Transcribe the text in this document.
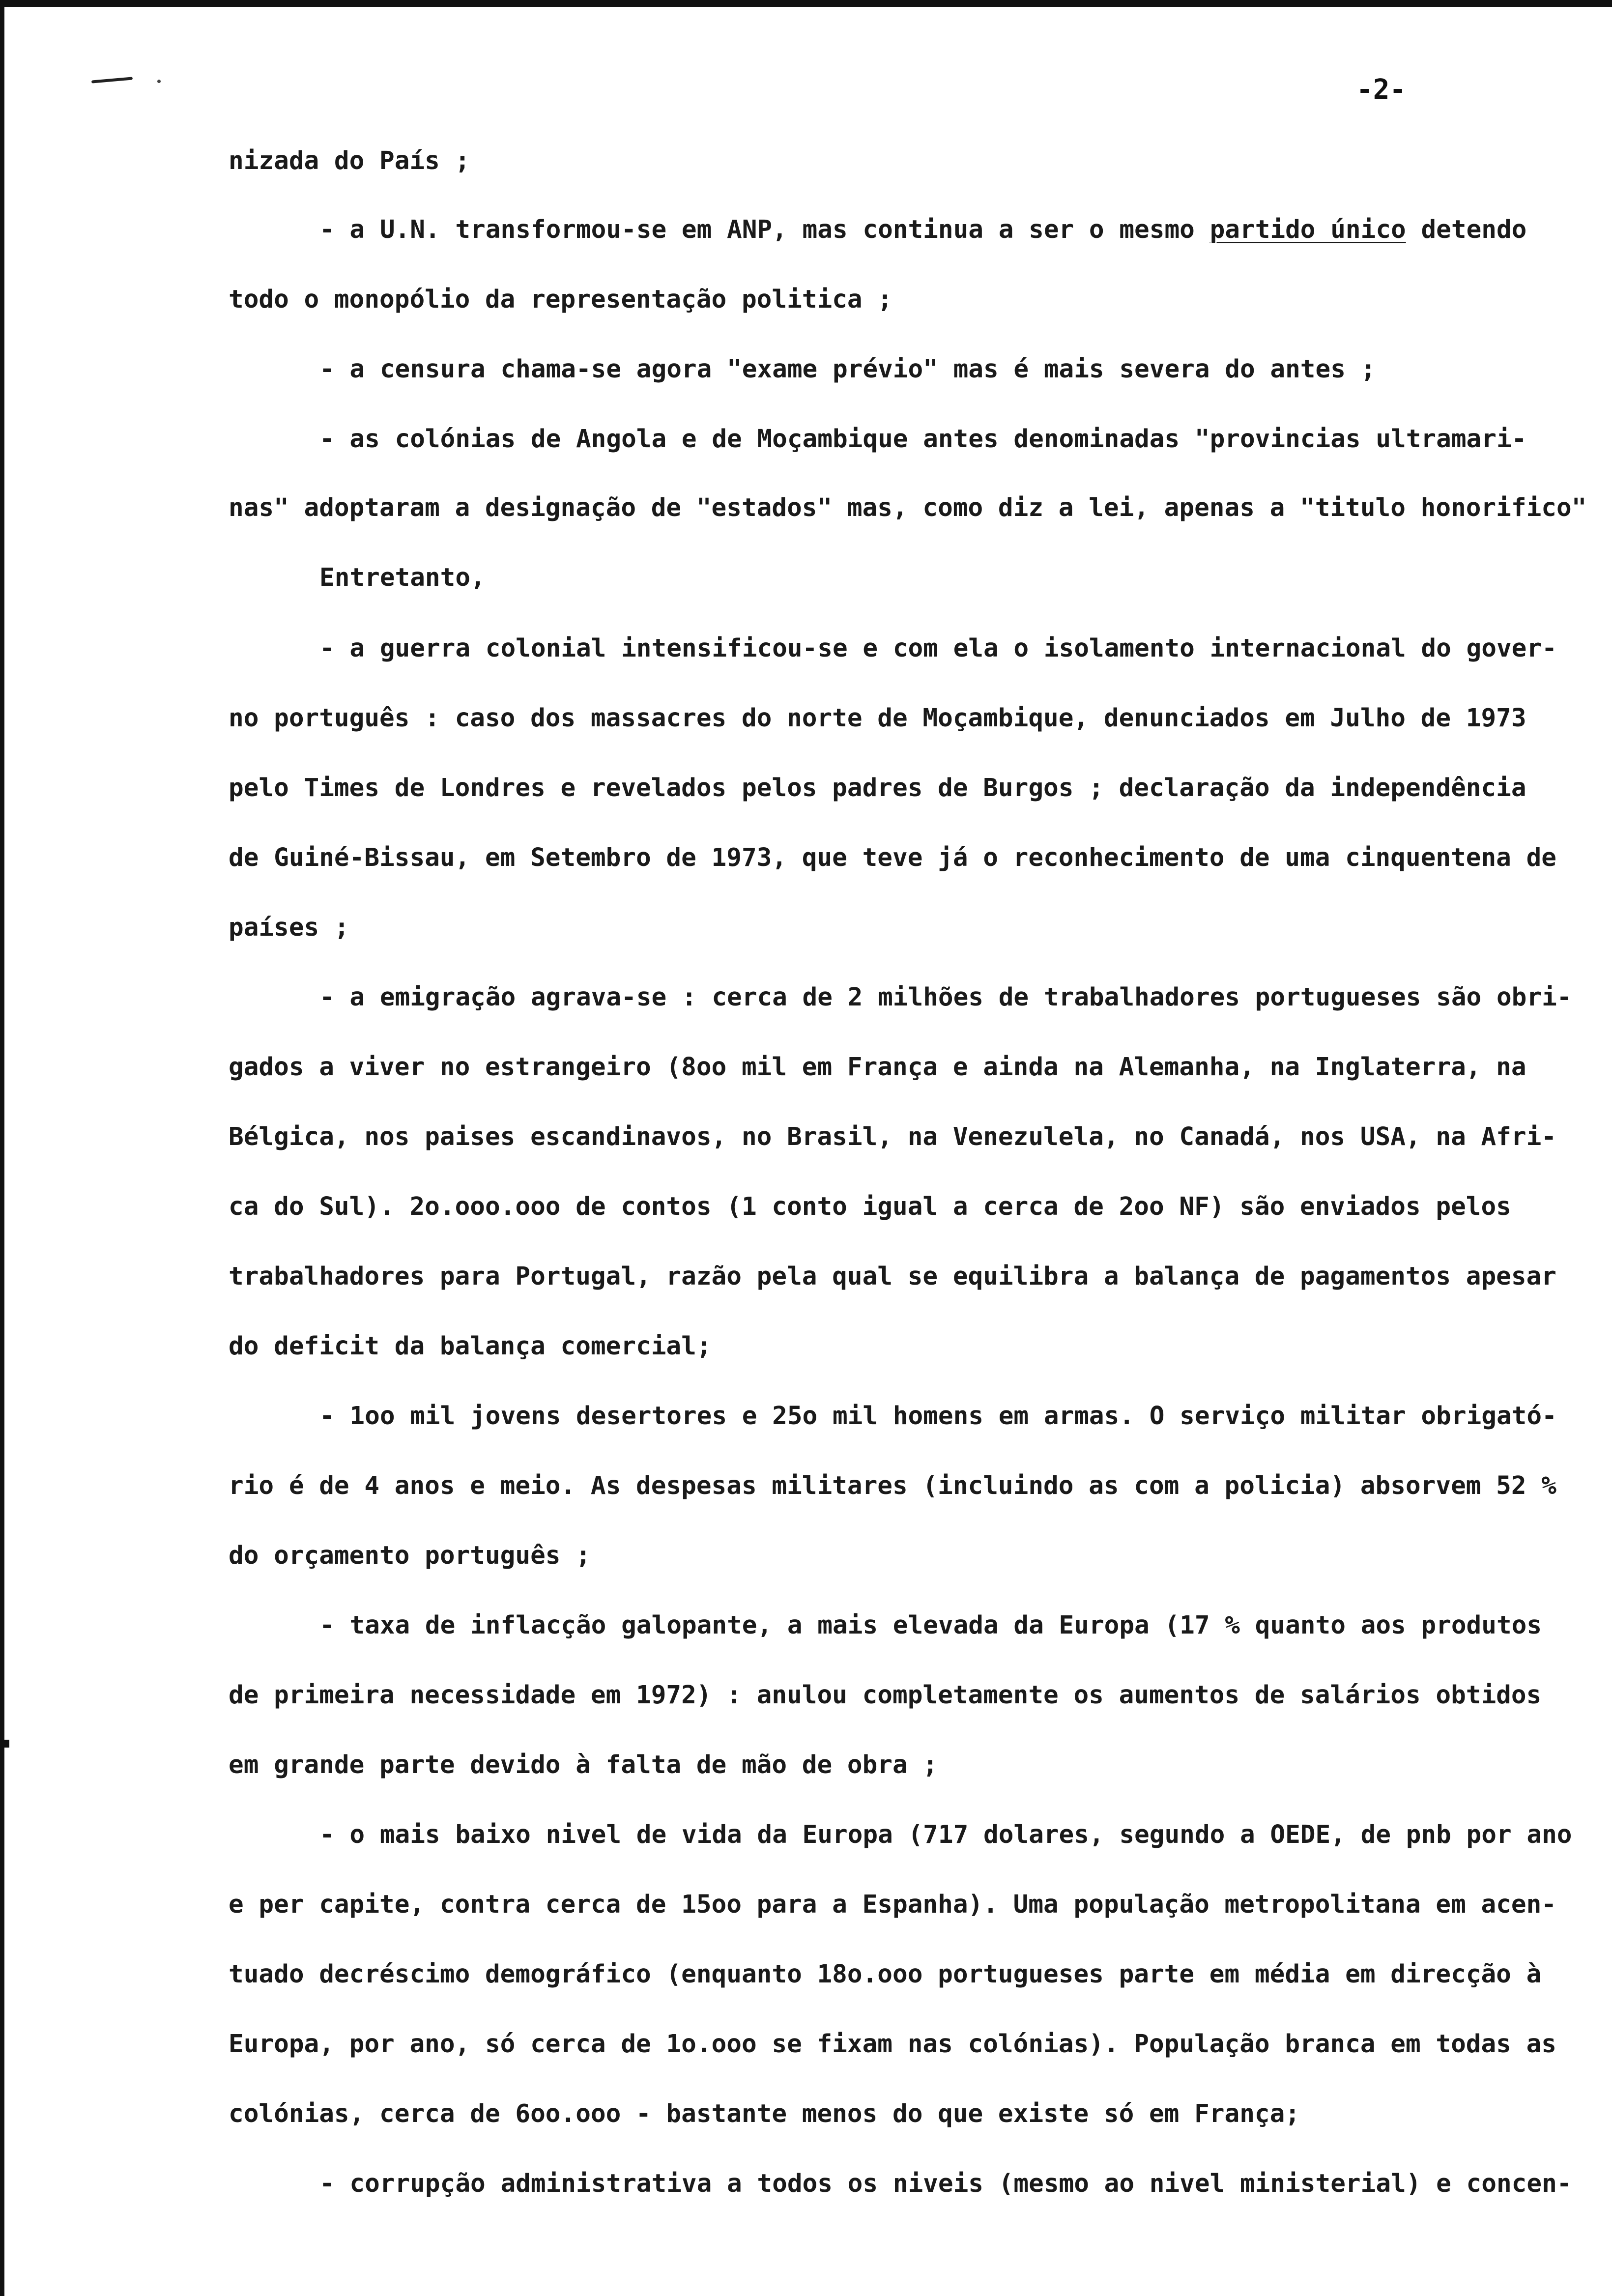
-2-
nizada do País ;
- a U.N. transformou-se em ANP, mas continua a ser o mesmo partido único detendo
todo o monopólio da representação politica ;
- a censura chama-se agora "exame prévio" mas é mais severa do antes ;
- as colónias de Angola e de Moçambique antes denominadas "provincias ultramari-
nas" adoptaram a designação de "estados" mas, como diz a lei, apenas a "titulo honorifico"
Entretanto,
- a guerra colonial intensificou-se e com ela o isolamento internacional do gover-
no português : caso dos massacres do norte de Moçambique, denunciados em Julho de 1973
pelo Times de Londres e revelados pelos padres de Burgos ; declaração da independência
de Guiné-Bissau, em Setembro de 1973, que teve já o reconhecimento de uma cinquentena de
países ;
- a emigração agrava-se : cerca de 2 milhões de trabalhadores portugueses são obri-
gados a viver no estrangeiro (8oo mil em França e ainda na Alemanha, na Inglaterra, na
Bélgica, nos paises escandinavos, no Brasil, na Venezulela, no Canadá, nos USA, na Afri-
ca do Sul). 2o.ooo.ooo de contos (1 conto igual a cerca de 2oo NF) são enviados pelos
trabalhadores para Portugal, razão pela qual se equilibra a balança de pagamentos apesar
do deficit da balança comercial;
- 1oo mil jovens desertores e 25o mil homens em armas. O serviço militar obrigató-
rio é de 4 anos e meio. As despesas militares (incluindo as com a policia) absorvem 52 %
do orçamento português ;
- taxa de inflacção galopante, a mais elevada da Europa (17 % quanto aos produtos
de primeira necessidade em 1972) : anulou completamente os aumentos de salários obtidos
em grande parte devido à falta de mão de obra ;
- o mais baixo nivel de vida da Europa (717 dolares, segundo a OEDE, de pnb por ano
e per capite, contra cerca de 15oo para a Espanha). Uma população metropolitana em acen-
tuado decréscimo demográfico (enquanto 18o.ooo portugueses parte em média em direcção à
Europa, por ano, só cerca de 1o.ooo se fixam nas colónias). População branca em todas as
colónias, cerca de 6oo.ooo - bastante menos do que existe só em França;
- corrupção administrativa a todos os niveis (mesmo ao nivel ministerial) e concen-
